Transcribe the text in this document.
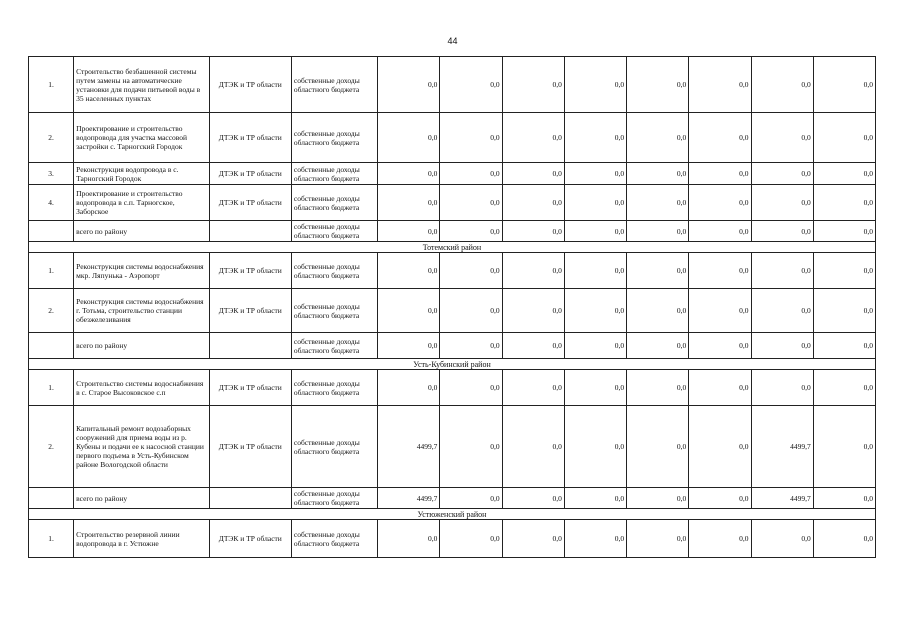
44
1.	Строительство безбашенной системы путем замены на автоматические установки для подачи питьевой воды в 35 населенных пунктах	ДТЭК и ТР области	собственные доходы областного бюджета	0,0	0,0	0,0	0,0	0,0	0,0	0,0	0,0
2.	Проектирование и строительство водопровода для участка массовой застройки с. Тарногский Городок	ДТЭК и ТР области	собственные доходы областного бюджета	0,0	0,0	0,0	0,0	0,0	0,0	0,0	0,0
3.	Реконструкция водопровода в с. Тарногский Городок	ДТЭК и ТР области	собственные доходы областного бюджета	0,0	0,0	0,0	0,0	0,0	0,0	0,0	0,0
4.	Проектирование и строительство водопровода в с.п. Тарногское, Заборское	ДТЭК и ТР области	собственные доходы областного бюджета	0,0	0,0	0,0	0,0	0,0	0,0	0,0	0,0
	всего по району		собственные доходы областного бюджета	0,0	0,0	0,0	0,0	0,0	0,0	0,0	0,0
Тотемский район											
1.	Реконструкция системы водоснабжения мкр. Ляпунька - Аэропорт	ДТЭК и ТР области	собственные доходы областного бюджета	0,0	0,0	0,0	0,0	0,0	0,0	0,0	0,0
2.	Реконструкция системы водоснабжения г. Тотьма, строительство станции обезжелезивания	ДТЭК и ТР области	собственные доходы областного бюджета	0,0	0,0	0,0	0,0	0,0	0,0	0,0	0,0
	всего по району		собственные доходы областного бюджета	0,0	0,0	0,0	0,0	0,0	0,0	0,0	0,0
Усть-Кубинский район											
1.	Строительство системы водоснабжения в с. Старое Высоковское с.п	ДТЭК и ТР области	собственные доходы областного бюджета	0,0	0,0	0,0	0,0	0,0	0,0	0,0	0,0
2.	Капитальный ремонт водозаборных сооружений для приема воды из р. Кубены и подачи ее к насосной станции первого подъема в Усть-Кубинском районе Вологодской области	ДТЭК и ТР области	собственные доходы областного бюджета	4499,7	0,0	0,0	0,0	0,0	0,0	4499,7	0,0
	всего по району		собственные доходы областного бюджета	4499,7	0,0	0,0	0,0	0,0	0,0	4499,7	0,0
Устюженский район											
1.	Строительство резервной линии водопровода в г. Устюжне	ДТЭК и ТР области	собственные доходы областного бюджета	0,0	0,0	0,0	0,0	0,0	0,0	0,0	0,0
